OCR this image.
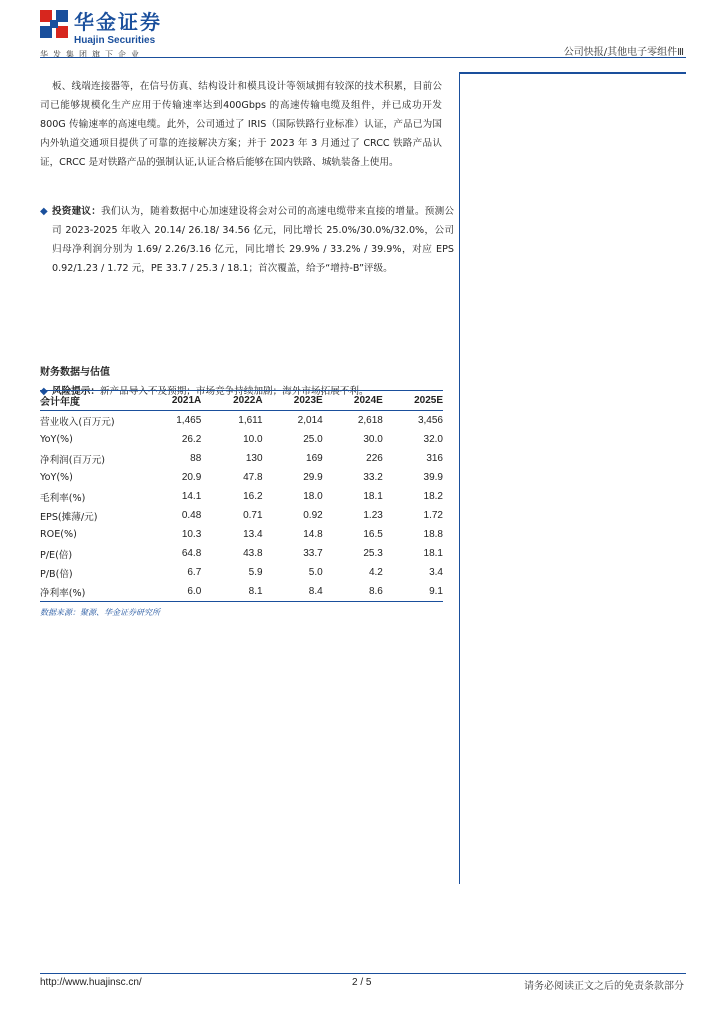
华金证券
Huajin Securities
华发集团旗下企业	公司快报/其他电子零组件Ⅲ
板、线端连接器等，在信号仿真、结构设计和模具设计等领域拥有较深的技术积累，目前公司已能够规模化生产应用于传输速率达到400Gbps 的高速传输电缆及组件，并已成功开发 800G 传输速率的高速电缆。此外，公司通过了 IRIS（国际铁路行业标准）认证，产品已为国内外轨道交通项目提供了可靠的连接解决方案；并于 2023 年 3 月通过了 CRCC 铁路产品认证，CRCC 是对铁路产品的强制认证,认证合格后能够在国内铁路、城轨装备上使用。
◆ 投资建议：我们认为，随着数据中心加速建设将会对公司的高速电缆带来直接的增量。预测公司 2023-2025 年收入 20.14/ 26.18/ 34.56 亿元，同比增长 25.0%/30.0%/32.0%，公司归母净利润分别为 1.69/ 2.26/3.16 亿元，同比增长 29.9% / 33.2% / 39.9%，对应 EPS 0.92/1.23 / 1.72 元，PE 33.7 / 25.3 / 18.1；首次覆盖，给予“增持-B”评级。
◆ 风险提示：新产品导入不及预期；市场竞争持续加剧；海外市场拓展不利。
财务数据与估值
会计年度	2021A	2022A	2023E	2024E	2025E
营业收入(百万元)	1,465	1,611	2,014	2,618	3,456
YoY(%)	26.2	10.0	25.0	30.0	32.0
净利润(百万元)	88	130	169	226	316
YoY(%)	20.9	47.8	29.9	33.2	39.9
毛利率(%)	14.1	16.2	18.0	18.1	18.2
EPS(摊薄/元)	0.48	0.71	0.92	1.23	1.72
ROE(%)	10.3	13.4	14.8	16.5	18.8
P/E(倍)	64.8	43.8	33.7	25.3	18.1
P/B(倍)	6.7	5.9	5.0	4.2	3.4
净利率(%)	6.0	8.1	8.4	8.6	9.1
数据来源：聚源、华金证券研究所
http://www.huajinsc.cn/	2 / 5	请务必阅读正文之后的免责条款部分
